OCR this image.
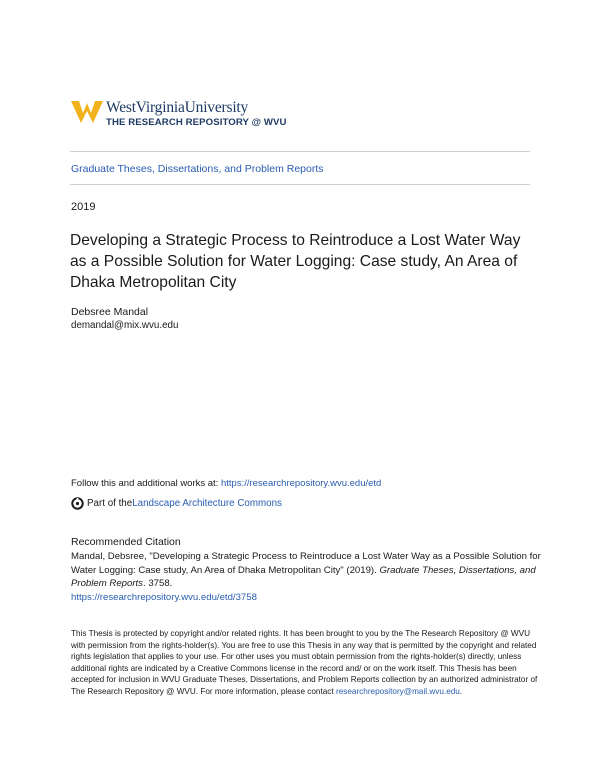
WestVirginiaUniversity
THE RESEARCH REPOSITORY @ WVU
Graduate Theses, Dissertations, and Problem Reports
2019
Developing a Strategic Process to Reintroduce a Lost Water Way as a Possible Solution for Water Logging: Case study, An Area of Dhaka Metropolitan City
Debsree Mandal
demandal@mix.wvu.edu
Follow this and additional works at: https://researchrepository.wvu.edu/etd
Part of the Landscape Architecture Commons
Recommended Citation
Mandal, Debsree, "Developing a Strategic Process to Reintroduce a Lost Water Way as a Possible Solution for Water Logging: Case study, An Area of Dhaka Metropolitan City" (2019). Graduate Theses, Dissertations, and Problem Reports. 3758.
https://researchrepository.wvu.edu/etd/3758
This Thesis is protected by copyright and/or related rights. It has been brought to you by the The Research Repository @ WVU with permission from the rights-holder(s). You are free to use this Thesis in any way that is permitted by the copyright and related rights legislation that applies to your use. For other uses you must obtain permission from the rights-holder(s) directly, unless additional rights are indicated by a Creative Commons license in the record and/ or on the work itself. This Thesis has been accepted for inclusion in WVU Graduate Theses, Dissertations, and Problem Reports collection by an authorized administrator of The Research Repository @ WVU. For more information, please contact researchrepository@mail.wvu.edu.
